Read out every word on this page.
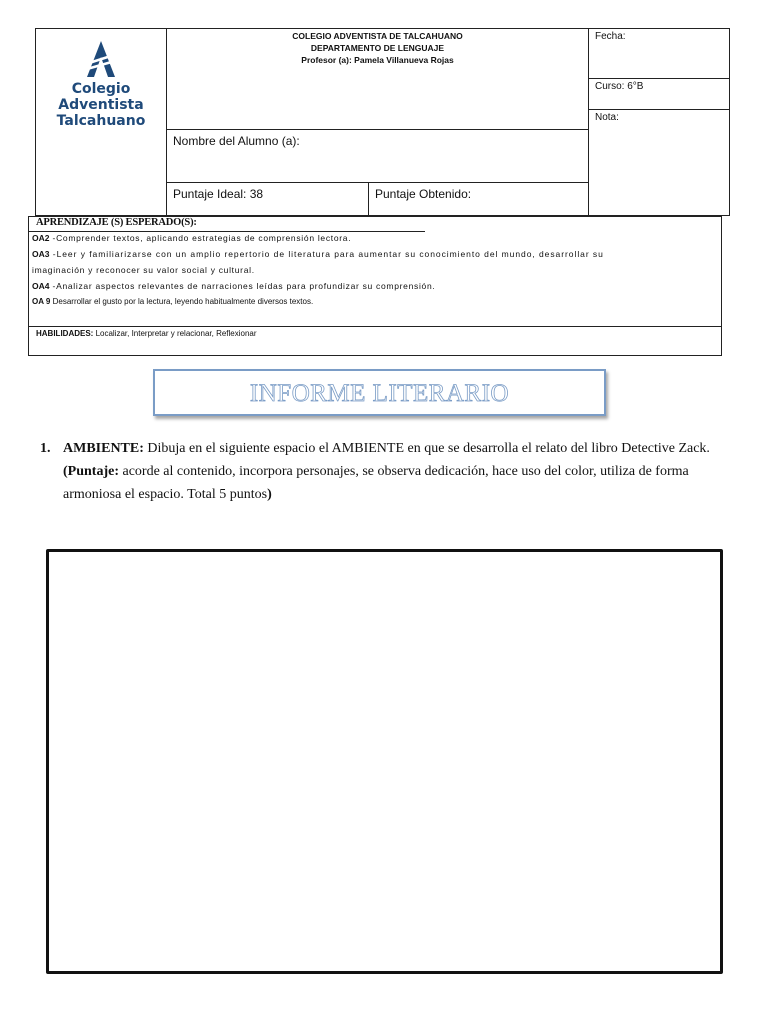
Colegio
Adventista
Talcahuano
COLEGIO ADVENTISTA DE TALCAHUANO
DEPARTAMENTO DE LENGUAJE
Profesor (a): Pamela Villanueva Rojas
Nombre del Alumno (a):
Puntaje Ideal: 38	Puntaje Obtenido:
Fecha:
Curso: 6°B
Nota:
APRENDIZAJE (S) ESPERADO(S):
OA2 -Comprender textos, aplicando estrategias de comprensión lectora.
OA3 -Leer y familiarizarse con un amplio repertorio de literatura para aumentar su conocimiento del mundo, desarrollar su
imaginación y reconocer su valor social y cultural.
OA4 -Analizar aspectos relevantes de narraciones leídas para profundizar su comprensión.
OA 9 Desarrollar el gusto por la lectura, leyendo habitualmente diversos textos.
HABILIDADES: Localizar, Interpretar y relacionar, Reflexionar
INFORME LITERARIO
1. AMBIENTE: Dibuja en el siguiente espacio el AMBIENTE en que se desarrolla el relato del libro Detective Zack.
(Puntaje: acorde al contenido, incorpora personajes, se observa dedicación, hace uso del color, utiliza de forma armoniosa el espacio. Total 5 puntos)
